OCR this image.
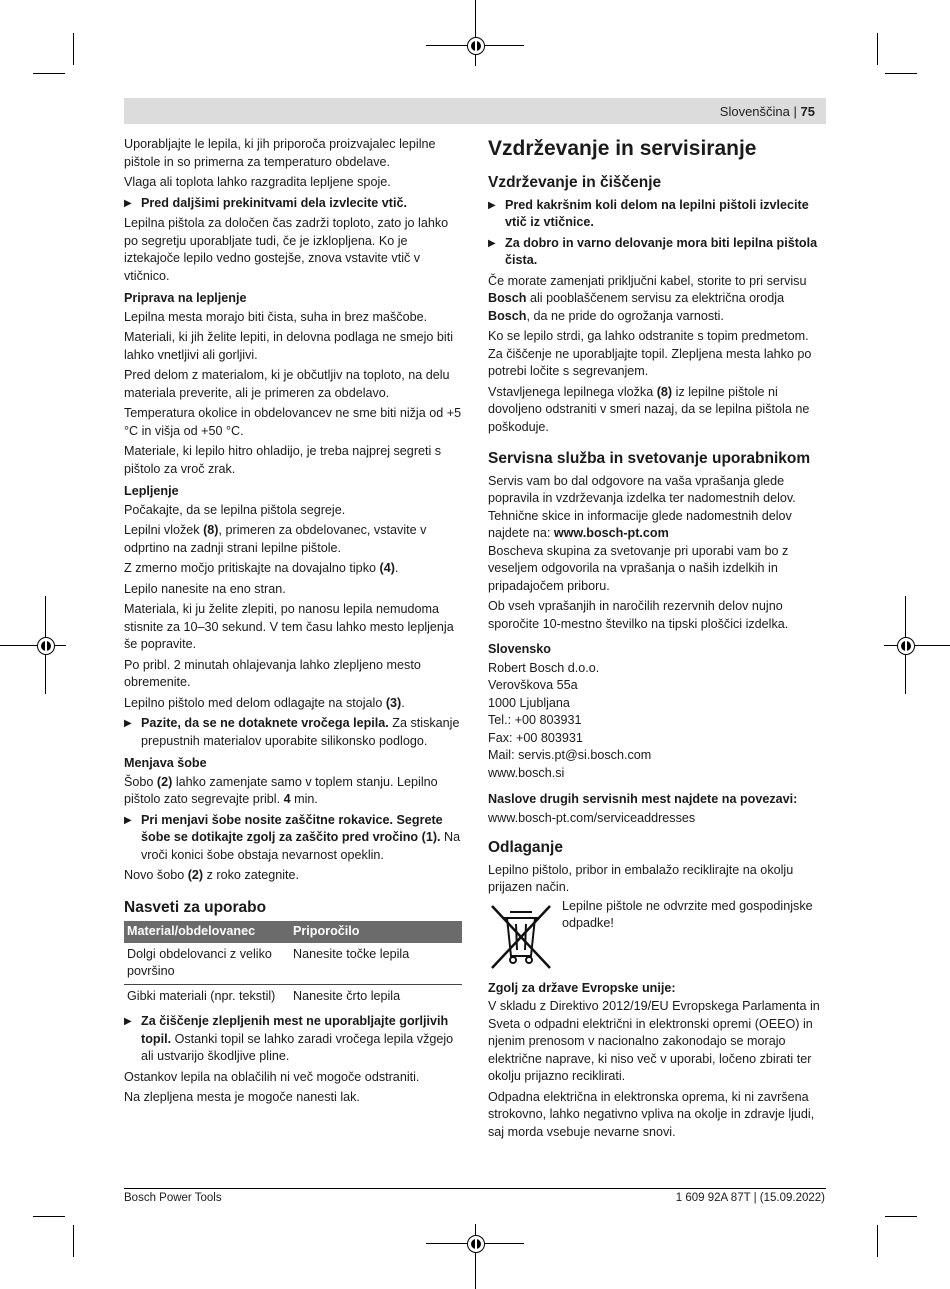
Slovenščina | 75

Uporabljajte le lepila, ki jih priporoča proizvajalec lepilne pištole in so primerna za temperaturo obdelave.

Vlaga ali toplota lahko razgradita lepljene spoje.

▶ Pred daljšimi prekinitvami dela izvlecite vtič.

Lepilna pištola za določen čas zadrži toploto, zato jo lahko po segretju uporabljate tudi, če je izklopljena. Ko je iztekajoče lepilo vedno gostejše, znova vstavite vtič v vtičnico.

Priprava na lepljenje

Lepilna mesta morajo biti čista, suha in brez maščobe.

Materiali, ki jih želite lepiti, in delovna podlaga ne smejo biti lahko vnetljivi ali gorljivi.

Pred delom z materialom, ki je občutljiv na toploto, na delu materiala preverite, ali je primeren za obdelavo.

Temperatura okolice in obdelovancev ne sme biti nižja od +5 °C in višja od +50 °C.

Materiale, ki lepilo hitro ohladijo, je treba najprej segreti s pištolo za vroč zrak.

Lepljenje

Počakajte, da se lepilna pištola segreje.

Lepilni vložek (8), primeren za obdelovanec, vstavite v odprtino na zadnji strani lepilne pištole.

Z zmerno močjo pritiskajte na dovajalno tipko (4).

Lepilo nanesite na eno stran.

Materiala, ki ju želite zlepiti, po nanosu lepila nemudoma stisnite za 10–30 sekund. V tem času lahko mesto lepljenja še popravite.

Po pribl. 2 minutah ohlajevanja lahko zlepljeno mesto obremenite.

Lepilno pištolo med delom odlagajte na stojalo (3).

▶ Pazite, da se ne dotaknete vročega lepila. Za stiskanje prepustnih materialov uporabite silikonsko podlogo.
Menjava šobe

Šobo (2) lahko zamenjate samo v toplem stanju. Lepilno pištolo zato segrevajte pribl. 4 min.

▶ Pri menjavi šobe nosite zaščitne rokavice. Segrete šobe se dotikajte zgolj za zaščito pred vročino (1). Na vroči konici šobe obstaja nevarnost opeklin.

Novo šobo (2) z roko zategnite.

Nasveti za uporabo
Material/obdelovanec	Priporočilo
Dolgi obdelovanci z veliko površino	Nanesite točke lepila
Gibki materiali (npr. tekstil)	Nanesite črto lepila
▶ Za čiščenje zlepljenih mest ne uporabljajte gorljivih topil. Ostanki topil se lahko zaradi vročega lepila vžgejo ali ustvarijo škodljive pline.

Ostankov lepila na oblačilih ni več mogoče odstraniti.

Na zlepljena mesta je mogoče nanesti lak.

Vzdrževanje in servisiranje
Vzdrževanje in čiščenje
▶ Pred kakršnim koli delom na lepilni pištoli izvlecite vtič iz vtičnice.
▶ Za dobro in varno delovanje mora biti lepilna pištola čista.

Če morate zamenjati priključni kabel, storite to pri servisu Bosch ali pooblaščenem servisu za električna orodja Bosch, da ne pride do ogrožanja varnosti.

Ko se lepilo strdi, ga lahko odstranite s topim predmetom. Za čiščenje ne uporabljajte topil. Zlepljena mesta lahko po potrebi ločite s segrevanjem.

Vstavljenega lepilnega vložka (8) iz lepilne pištole ni dovoljeno odstraniti v smeri nazaj, da se lepilna pištola ne poškoduje.

Servisna služba in svetovanje uporabnikom

Servis vam bo dal odgovore na vaša vprašanja glede popravila in vzdrževanja izdelka ter nadomestnih delov. Tehnične skice in informacije glede nadomestnih delov najdete na: www.bosch-pt.com

Boscheva skupina za svetovanje pri uporabi vam bo z veseljem odgovorila na vprašanja o naših izdelkih in pripadajočem priboru.

Ob vseh vprašanjih in naročilih rezervnih delov nujno sporočite 10-mestno številko na tipski ploščici izdelka.

Slovensko

Robert Bosch d.o.o.

Verovškova 55a

1000 Ljubljana

Tel.: +00 803931

Fax: +00 803931

Mail: servis.pt@si.bosch.com

www.bosch.si

Naslove drugih servisnih mest najdete na povezavi:

www.bosch-pt.com/serviceaddresses

Odlaganje

Lepilno pištolo, pribor in embalažo reciklirajte na okolju prijazen način.

Lepilne pištole ne odvrzite med gospodinjske odpadke!

Zgolj za države Evropske unije:

V skladu z Direktivo 2012/19/EU Evropskega Parlamenta in Sveta o odpadni električni in elektronski opremi (OEEO) in njenim prenosom v nacionalno zakonodajo se morajo električne naprave, ki niso več v uporabi, ločeno zbirati ter okolju prijazno reciklirati.

Odpadna električna in elektronska oprema, ki ni završena strokovno, lahko negativno vpliva na okolje in zdravje ljudi, saj morda vsebuje nevarne snovi.

Bosch Power Tools	1 609 92A 87T | (15.09.2022)
